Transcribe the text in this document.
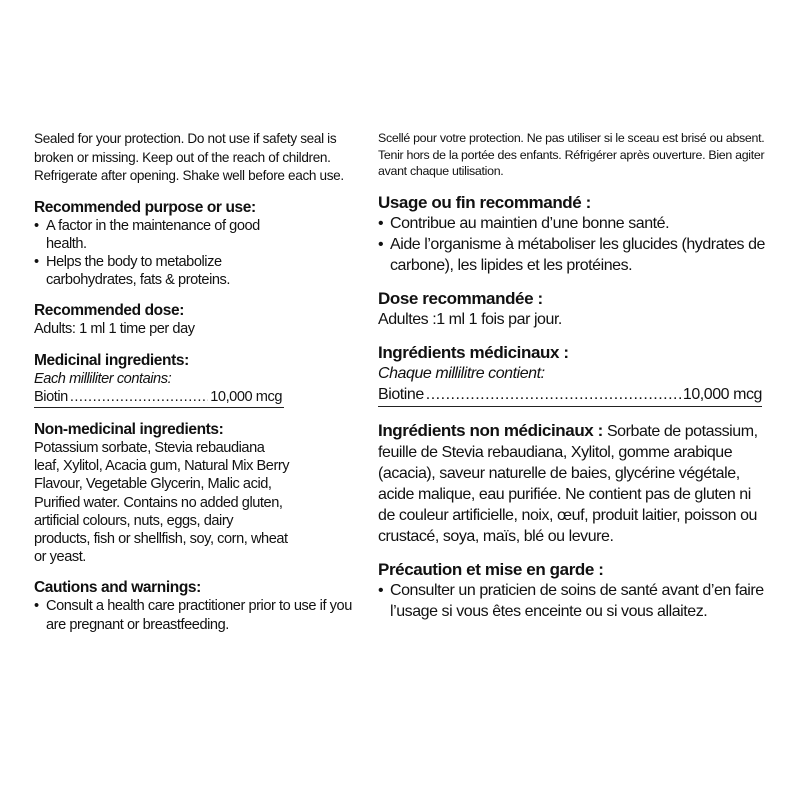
Sealed for your protection. Do not use if safety seal is broken or missing. Keep out of the reach of children. Refrigerate after opening. Shake well before each use.

Recommended purpose or use:

• A factor in the maintenance of good health.
• Helps the body to metabolize carbohydrates, fats & proteins.

Recommended dose:

Adults: 1 ml 1 time per day

Medicinal ingredients:

Each milliliter contains:

Biotin .....	10,000 mcg

Non-medicinal ingredients:

Potassium sorbate, Stevia rebaudiana leaf, Xylitol, Acacia gum, Natural Mix Berry Flavour, Vegetable Glycerin, Malic acid, Purified water. Contains no added gluten, artificial colours, nuts, eggs, dairy products, fish or shellfish, soy, corn, wheat or yeast.

Cautions and warnings:

• Consult a health care practitioner prior to use if you are pregnant or breastfeeding.

Scellé pour votre protection. Ne pas utiliser si le sceau est brisé ou absent. Tenir hors de la portée des enfants. Réfrigérer après ouverture. Bien agiter avant chaque utilisation.

Usage ou fin recommandé :

• Contribue au maintien d’une bonne santé.
• Aide l’organisme à métaboliser les glucides (hydrates de carbone), les lipides et les protéines.

Dose recommandée :

Adultes :1 ml 1 fois par jour.

Ingrédients médicinaux :

Chaque millilitre contient:

Biotine .....	10,000 mcg

Ingrédients non médicinaux : Sorbate de potassium, feuille de Stevia rebaudiana, Xylitol, gomme arabique (acacia), saveur naturelle de baies, glycérine végétale, acide malique, eau purifiée. Ne contient pas de gluten ni de couleur artificielle, noix, œuf, produit laitier, poisson ou crustacé, soya, maïs, blé ou levure.

Précaution et mise en garde :

• Consulter un praticien de soins de santé avant d’en faire l’usage si vous êtes enceinte ou si vous allaitez.
